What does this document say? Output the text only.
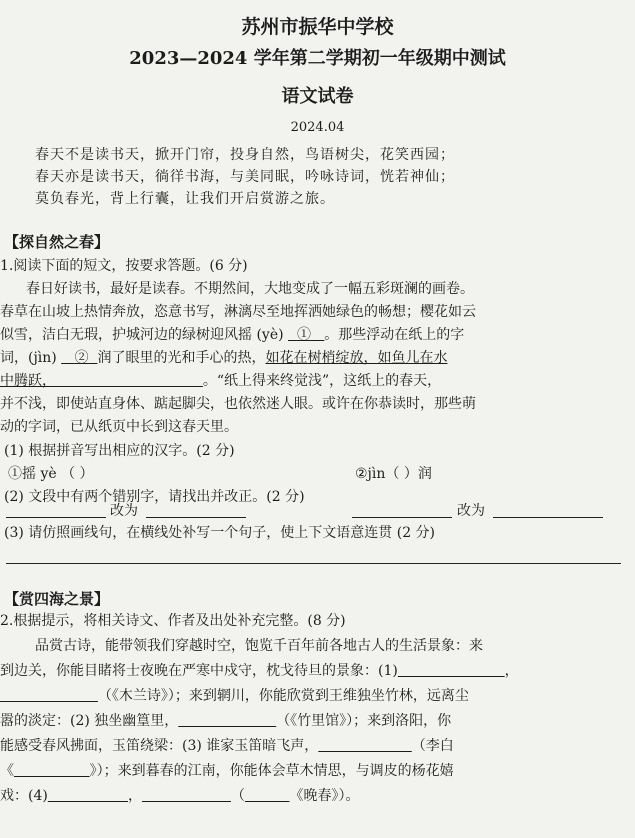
苏州市振华中学校
2023—2024 学年第二学期初一年级期中测试
语文试卷
2024.04
春天不是读书天，掀开门帘，投身自然，鸟语树尖，花笑西园；
春天亦是读书天，徜徉书海，与美同眠，吟咏诗词，恍若神仙；
莫负春光，背上行囊，让我们开启赏游之旅。
【探自然之春】
1.阅读下面的短文，按要求答题。(6 分)
春日好读书，最好是读春。不期然间，大地变成了一幅五彩斑澜的画卷。
春草在山坡上热情奔放，恣意书写，淋漓尽至地挥洒她绿色的畅想；樱花如云
似雪，洁白无瑕，护城河边的绿树迎风摇 (yè)   ① 。那些浮动在纸上的字
词，(jìn)    ② 润了眼里的光和手心的热，如花在树梢绽放，如鱼儿在水
中腾跃，	。“纸上得来终觉浅”，这纸上的春天，
并不浅，即使站直身体、踮起脚尖，也依然迷人眼。或许在你恭读时，那些萌
动的字词，已从纸页中长到这春天里。
(1) 根据拼音写出相应的汉字。(2 分)
①摇 yè （ ）	②jìn（ ）润
(2) 文段中有两个错别字，请找出并改正。(2 分)
改为	改为
(3) 请仿照画线句，在横线处补写一个句子，使上下文语意连贯 (2 分)
【赏四海之景】
2.根据提示，将相关诗文、作者及出处补充完整。(8 分)
品赏古诗，能带领我们穿越时空，饱览千百年前各地古人的生活景象：来
到边关，你能目睹将士夜晚在严寒中戍守，枕戈待旦的景象：(1)	，
（《木兰诗》）；来到辋川，你能欣赏到王维独坐竹林，远离尘
嚣的淡定：(2) 独坐幽篁里，	（《竹里馆》）；来到洛阳，你
能感受春风拂面，玉笛绕梁：(3) 谁家玉笛暗飞声，	（李白
《	》）；来到暮春的江南，你能体会草木情思，与调皮的杨花嬉
戏：(4)	，	（	《晚春》）。
